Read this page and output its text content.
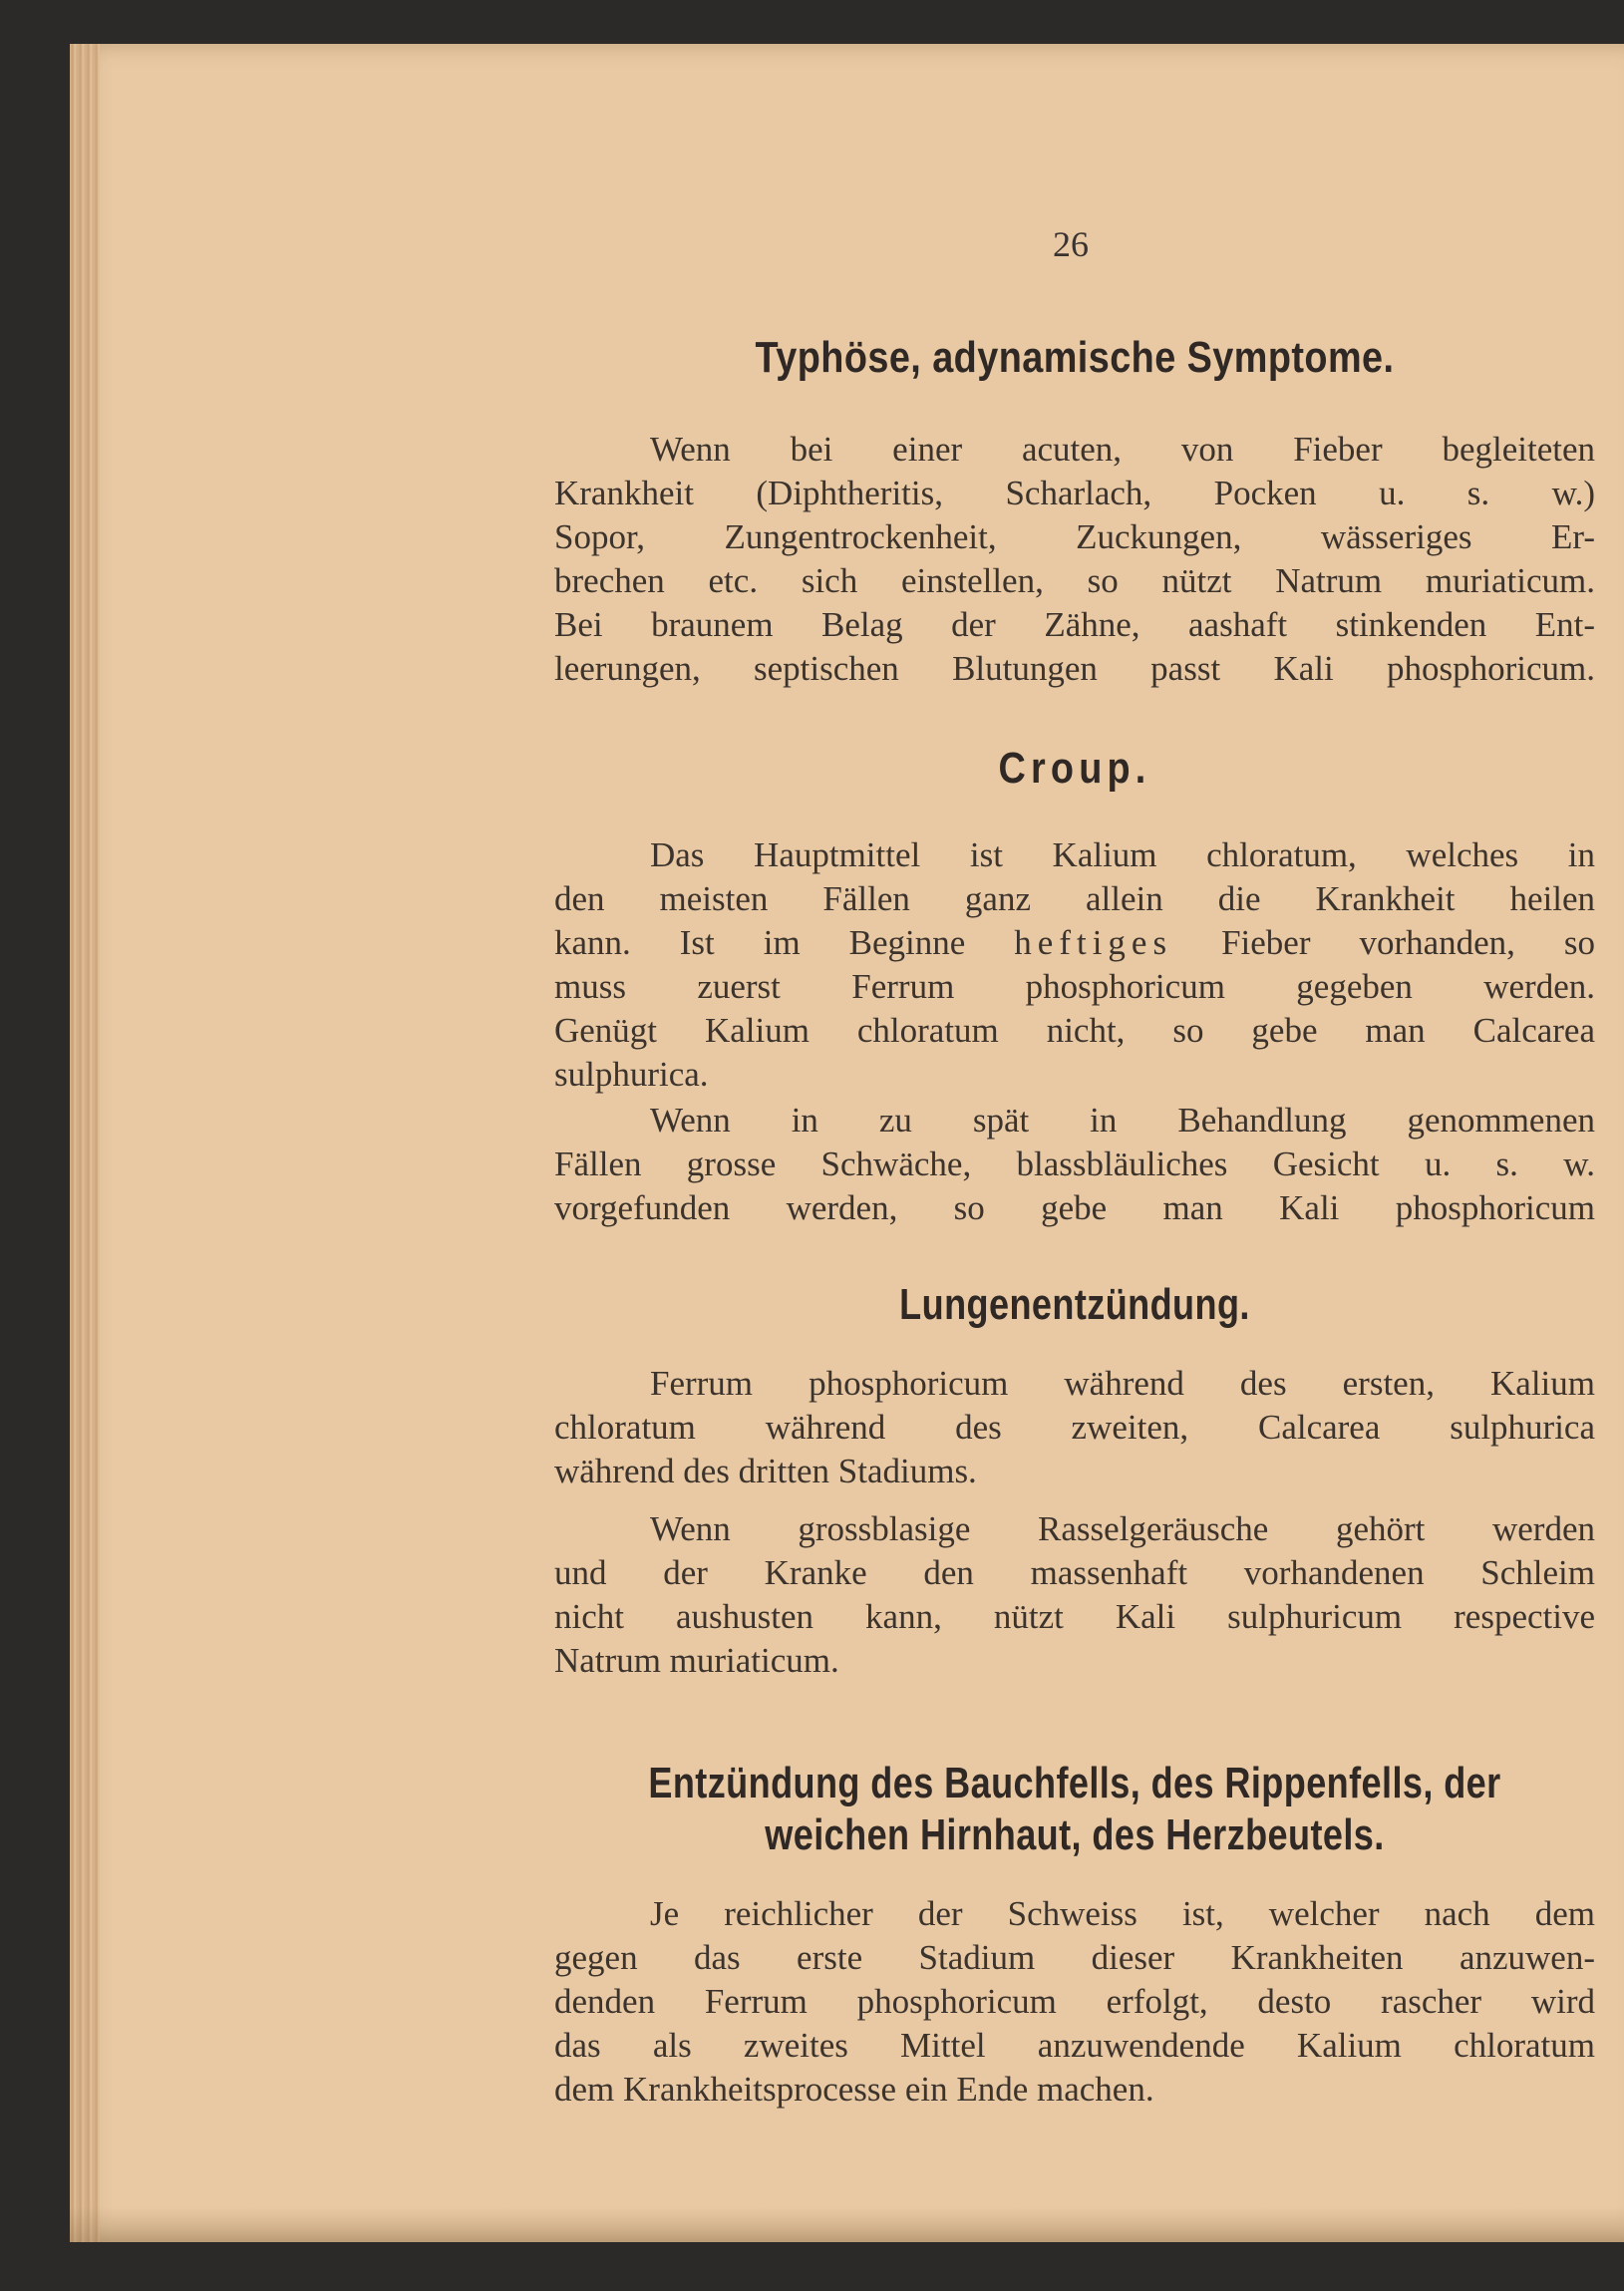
26
Typhöse, adynamische Symptome.
Wenn bei einer acuten, von Fieber begleiteten
Krankheit (Diphtheritis, Scharlach, Pocken u. s. w.)
Sopor, Zungentrockenheit, Zuckungen, wässeriges Er-
brechen etc. sich einstellen, so nützt Natrum muriaticum.
Bei braunem Belag der Zähne, aashaft stinkenden Ent-
leerungen, septischen Blutungen passt Kali phosphoricum.
Croup.
Das Hauptmittel ist Kalium chloratum, welches in
den meisten Fällen ganz allein die Krankheit heilen
kann. Ist im Beginne heftiges Fieber vorhanden, so
muss zuerst Ferrum phosphoricum gegeben werden.
Genügt Kalium chloratum nicht, so gebe man Calcarea
sulphurica.
Wenn in zu spät in Behandlung genommenen
Fällen grosse Schwäche, blassbläuliches Gesicht u. s. w.
vorgefunden werden, so gebe man Kali phosphoricum
Lungenentzündung.
Ferrum phosphoricum während des ersten, Kalium
chloratum während des zweiten, Calcarea sulphurica
während des dritten Stadiums.
Wenn grossblasige Rasselgeräusche gehört werden
und der Kranke den massenhaft vorhandenen Schleim
nicht aushusten kann, nützt Kali sulphuricum respective
Natrum muriaticum.
Entzündung des Bauchfells, des Rippenfells, der
weichen Hirnhaut, des Herzbeutels.
Je reichlicher der Schweiss ist, welcher nach dem
gegen das erste Stadium dieser Krankheiten anzuwen-
denden Ferrum phosphoricum erfolgt, desto rascher wird
das als zweites Mittel anzuwendende Kalium chloratum
dem Krankheitsprocesse ein Ende machen.
